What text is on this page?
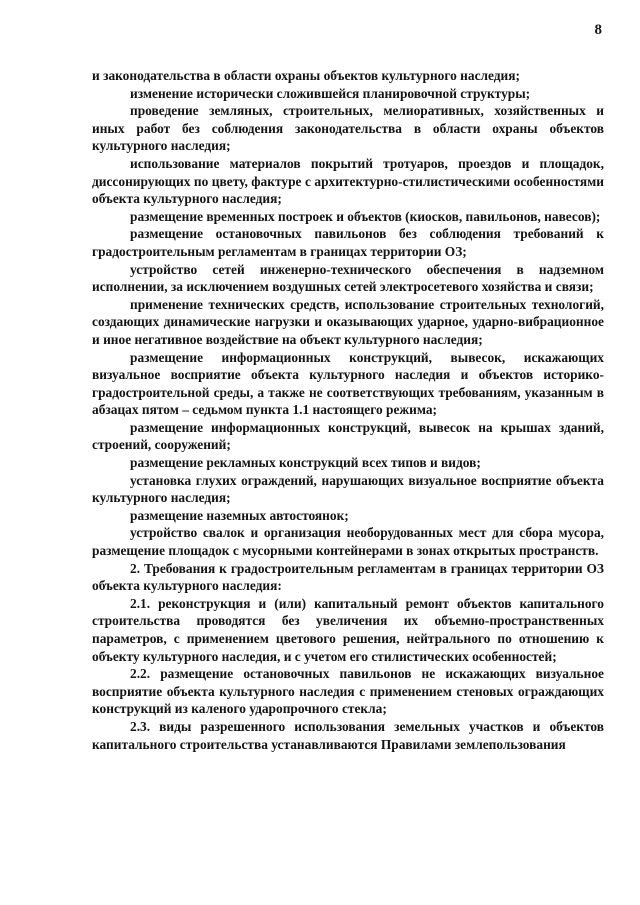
8

и законодательства в области охраны объектов культурного наследия;

изменение исторически сложившейся планировочной структуры;

проведение земляных, строительных, мелиоративных, хозяйственных и иных работ без соблюдения законодательства в области охраны объектов культурного наследия;

использование материалов покрытий тротуаров, проездов и площадок, диссонирующих по цвету, фактуре с архитектурно-стилистическими особенностями объекта культурного наследия;

размещение временных построек и объектов (киосков, павильонов, навесов);

размещение остановочных павильонов без соблюдения требований к градостроительным регламентам в границах территории ОЗ;

устройство сетей инженерно-технического обеспечения в надземном исполнении, за исключением воздушных сетей электросетевого хозяйства и связи;

применение технических средств, использование строительных технологий, создающих динамические нагрузки и оказывающих ударное, ударно-вибрационное и иное негативное воздействие на объект культурного наследия;

размещение информационных конструкций, вывесок, искажающих визуальное восприятие объекта культурного наследия и объектов историко-градостроительной среды, а также не соответствующих требованиям, указанным в абзацах пятом – седьмом пункта 1.1 настоящего режима;

размещение информационных конструкций, вывесок на крышах зданий, строений, сооружений;

размещение рекламных конструкций всех типов и видов;

установка глухих ограждений, нарушающих визуальное восприятие объекта культурного наследия;

размещение наземных автостоянок;

устройство свалок и организация необорудованных мест для сбора мусора, размещение площадок с мусорными контейнерами в зонах открытых пространств.

2. Требования к градостроительным регламентам в границах территории ОЗ объекта культурного наследия:

2.1. реконструкция и (или) капитальный ремонт объектов капитального строительства проводятся без увеличения их объемно-пространственных параметров, с применением цветового решения, нейтрального по отношению к объекту культурного наследия, и с учетом его стилистических особенностей;

2.2. размещение остановочных павильонов не искажающих визуальное восприятие объекта культурного наследия с применением стеновых ограждающих конструкций из каленого ударопрочного стекла;

2.3. виды разрешенного использования земельных участков и объектов капитального строительства устанавливаются Правилами землепользования
